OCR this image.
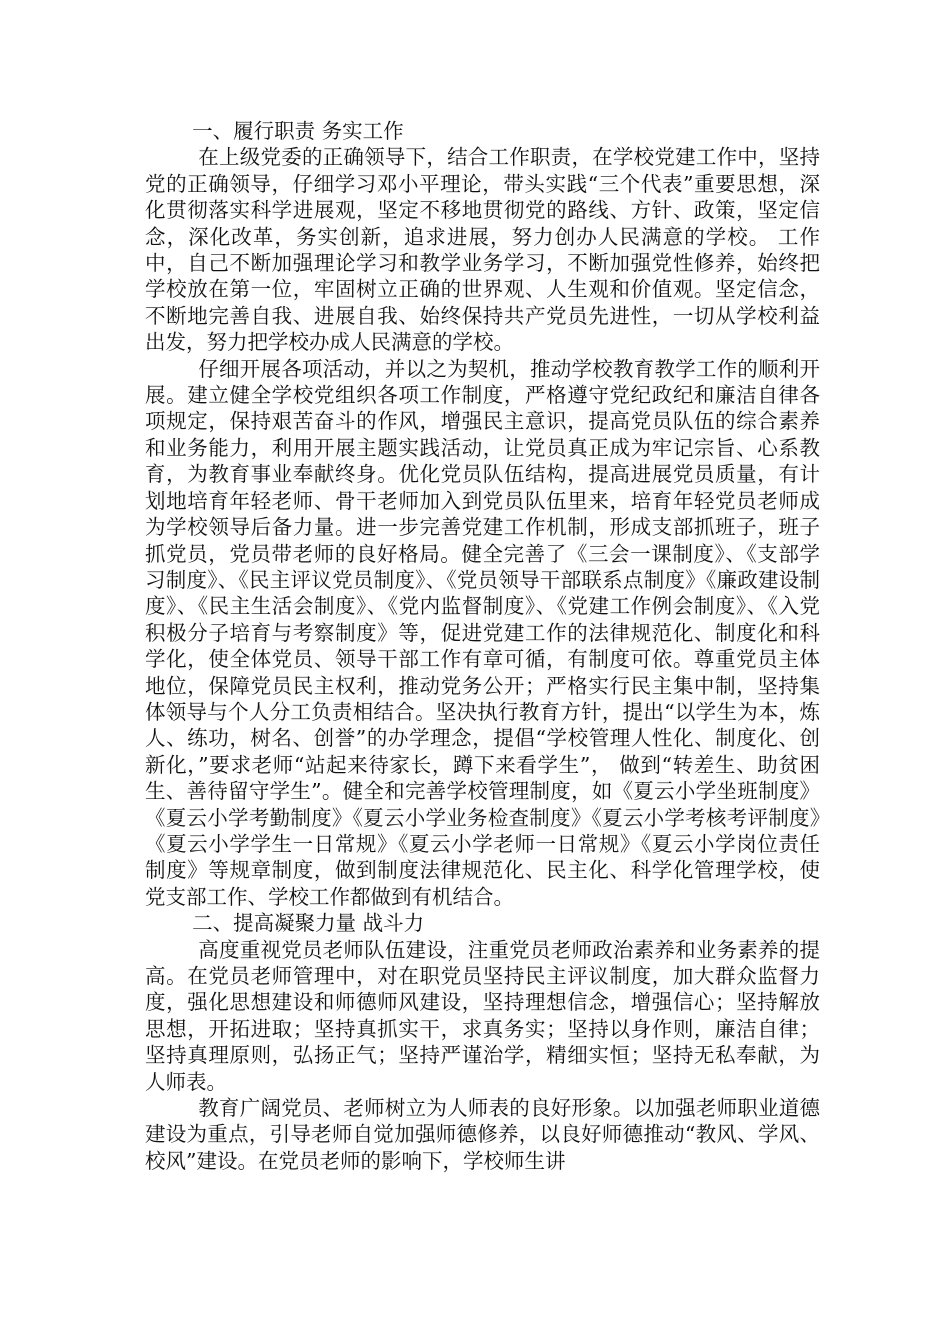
一、履行职责 务实工作

在上级党委的正确领导下，结合工作职责，在学校党建工作中，坚持党的正确领导，仔细学习邓小平理论，带头实践“三个代表”重要思想，深化贯彻落实科学进展观，坚定不移地贯彻党的路线、方针、政策，坚定信念，深化改革，务实创新，追求进展，努力创办人民满意的学校。 工作中，自己不断加强理论学习和教学业务学习，不断加强党性修养，始终把学校放在第一位，牢固树立正确的世界观、人生观和价值观。坚定信念，不断地完善自我、进展自我、始终保持共产党员先进性，一切从学校利益出发，努力把学校办成人民满意的学校。

仔细开展各项活动，并以之为契机，推动学校教育教学工作的顺利开展。建立健全学校党组织各项工作制度，严格遵守党纪政纪和廉洁自律各项规定，保持艰苦奋斗的作风，增强民主意识，提高党员队伍的综合素养和业务能力，利用开展主题实践活动，让党员真正成为牢记宗旨、心系教育，为教育事业奉献终身。优化党员队伍结构，提高进展党员质量，有计划地培育年轻老师、骨干老师加入到党员队伍里来，培育年轻党员老师成为学校领导后备力量。进一步完善党建工作机制，形成支部抓班子，班子抓党员，党员带老师的良好格局。健全完善了《三会一课制度》、《支部学习制度》、《民主评议党员制度》、《党员领导干部联系点制度》《廉政建设制度》、《民主生活会制度》、《党内监督制度》、《党建工作例会制度》、《入党积极分子培育与考察制度》等，促进党建工作的法律规范化、制度化和科学化，使全体党员、领导干部工作有章可循，有制度可依。尊重党员主体地位，保障党员民主权利，推动党务公开；严格实行民主集中制，坚持集体领导与个人分工负责相结合。坚决执行教育方针，提出“以学生为本，炼人、练功，树名、创誉”的办学理念，提倡“学校管理人性化、制度化、创新化，”要求老师“站起来待家长，蹲下来看学生”， 做到“转差生、助贫困生、善待留守学生”。健全和完善学校管理制度，如《夏云小学坐班制度》《夏云小学考勤制度》《夏云小学业务检查制度》《夏云小学考核考评制度》《夏云小学学生一日常规》《夏云小学老师一日常规》《夏云小学岗位责任制度》等规章制度，做到制度法律规范化、民主化、科学化管理学校，使党支部工作、学校工作都做到有机结合。

二、提高凝聚力量 战斗力

高度重视党员老师队伍建设，注重党员老师政治素养和业务素养的提高。在党员老师管理中，对在职党员坚持民主评议制度，加大群众监督力度，强化思想建设和师德师风建设，坚持理想信念，增强信心；坚持解放思想，开拓进取；坚持真抓实干，求真务实；坚持以身作则，廉洁自律；坚持真理原则，弘扬正气；坚持严谨治学，精细实恒；坚持无私奉献，为人师表。

教育广阔党员、老师树立为人师表的良好形象。以加强老师职业道德建设为重点，引导老师自觉加强师德修养，以良好师德推动“教风、学风、校风”建设。在党员老师的影响下，学校师生讲
